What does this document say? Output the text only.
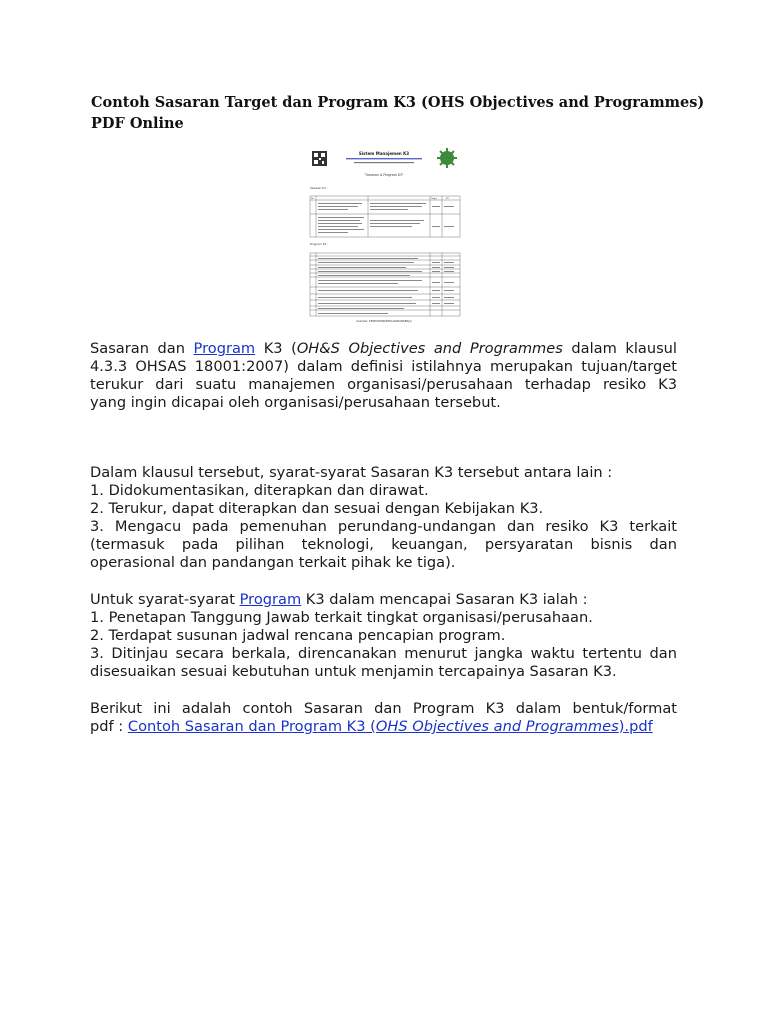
Contoh Sasaran Target dan Program K3 (OHS Objectives and Programmes)
PDF Online
Sistem Manajemen K3
"Sasaran & Program K3"
Sasaran K3 :
No	Target	PIC
Program K3 :
(Sumber: KESEHATANKESELAMATANKERJA)

Sasaran dan Program K3 (OH&S Objectives and Programmes dalam klausul
4.3.3 OHSAS 18001:2007) dalam definisi istilahnya merupakan tujuan/target
terukur dari suatu manajemen organisasi/perusahaan terhadap resiko K3
yang ingin dicapai oleh organisasi/perusahaan tersebut.

Dalam klausul tersebut, syarat-syarat Sasaran K3 tersebut antara lain :
1. Didokumentasikan, diterapkan dan dirawat.
2. Terukur, dapat diterapkan dan sesuai dengan Kebijakan K3.
3. Mengacu pada pemenuhan perundang-undangan dan resiko K3 terkait
(termasuk pada pilihan teknologi, keuangan, persyaratan bisnis dan
operasional dan pandangan terkait pihak ke tiga).

Untuk syarat-syarat Program K3 dalam mencapai Sasaran K3 ialah :
1. Penetapan Tanggung Jawab terkait tingkat organisasi/perusahaan.
2. Terdapat susunan jadwal rencana pencapian program.
3. Ditinjau secara berkala, direncanakan menurut jangka waktu tertentu dan
disesuaikan sesuai kebutuhan untuk menjamin tercapainya Sasaran K3.

Berikut ini adalah contoh Sasaran dan Program K3 dalam bentuk/format
pdf : Contoh Sasaran dan Program K3 (OHS Objectives and Programmes).pdf
